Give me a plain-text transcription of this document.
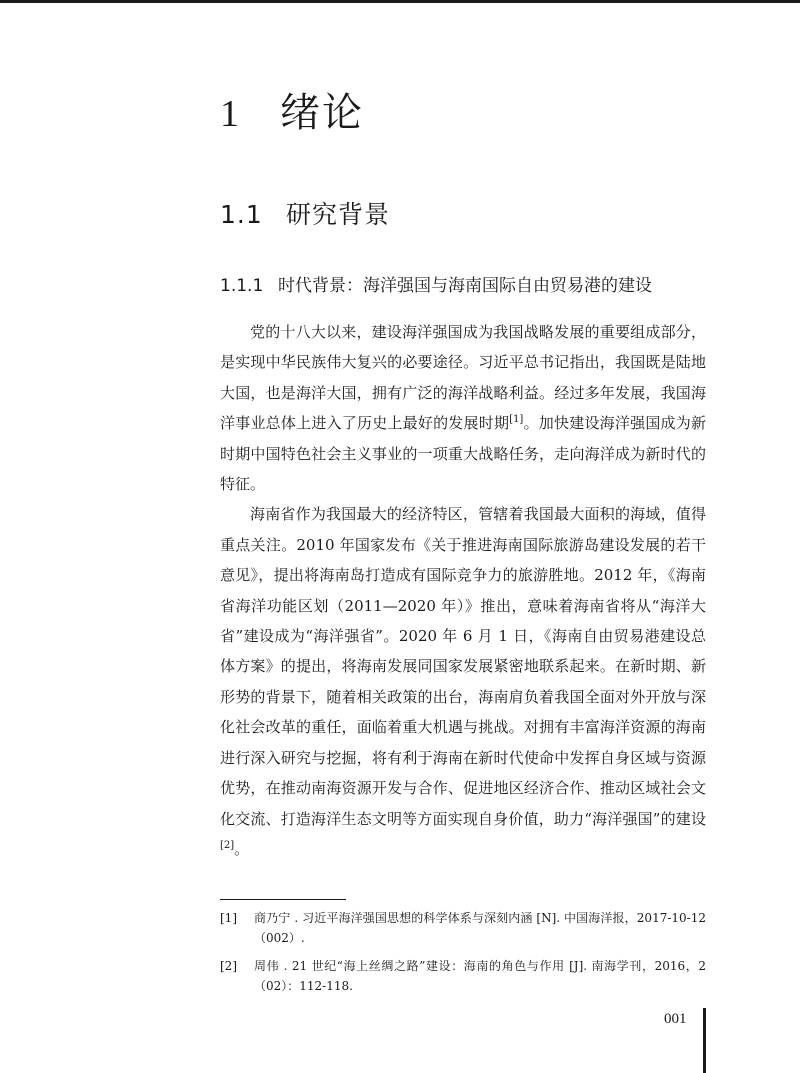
1 绪论
1.1 研究背景
1.1.1 时代背景：海洋强国与海南国际自由贸易港的建设

党的十八大以来，建设海洋强国成为我国战略发展的重要组成部分，是实现中华民族伟大复兴的必要途径。习近平总书记指出，我国既是陆地大国，也是海洋大国，拥有广泛的海洋战略利益。经过多年发展，我国海洋事业总体上进入了历史上最好的发展时期[1]。加快建设海洋强国成为新时期中国特色社会主义事业的一项重大战略任务，走向海洋成为新时代的特征。

海南省作为我国最大的经济特区，管辖着我国最大面积的海域，值得重点关注。2010 年国家发布《关于推进海南国际旅游岛建设发展的若干意见》，提出将海南岛打造成有国际竞争力的旅游胜地。2012 年，《海南省海洋功能区划（2011—2020 年）》推出，意味着海南省将从“海洋大省”建设成为“海洋强省”。2020 年 6 月 1 日，《海南自由贸易港建设总体方案》的提出，将海南发展同国家发展紧密地联系起来。在新时期、新形势的背景下，随着相关政策的出台，海南肩负着我国全面对外开放与深化社会改革的重任，面临着重大机遇与挑战。对拥有丰富海洋资源的海南进行深入研究与挖掘，将有利于海南在新时代使命中发挥自身区域与资源优势，在推动南海资源开发与合作、促进地区经济合作、推动区域社会文化交流、打造海洋生态文明等方面实现自身价值，助力“海洋强国”的建设[2]。

[1]	商乃宁 . 习近平海洋强国思想的科学体系与深刻内涵 [N]. 中国海洋报，2017-10-12（002）.
[2]	周伟 . 21 世纪“海上丝绸之路”建设：海南的角色与作用 [J]. 南海学刊，2016，2（02）：112-118.
001
